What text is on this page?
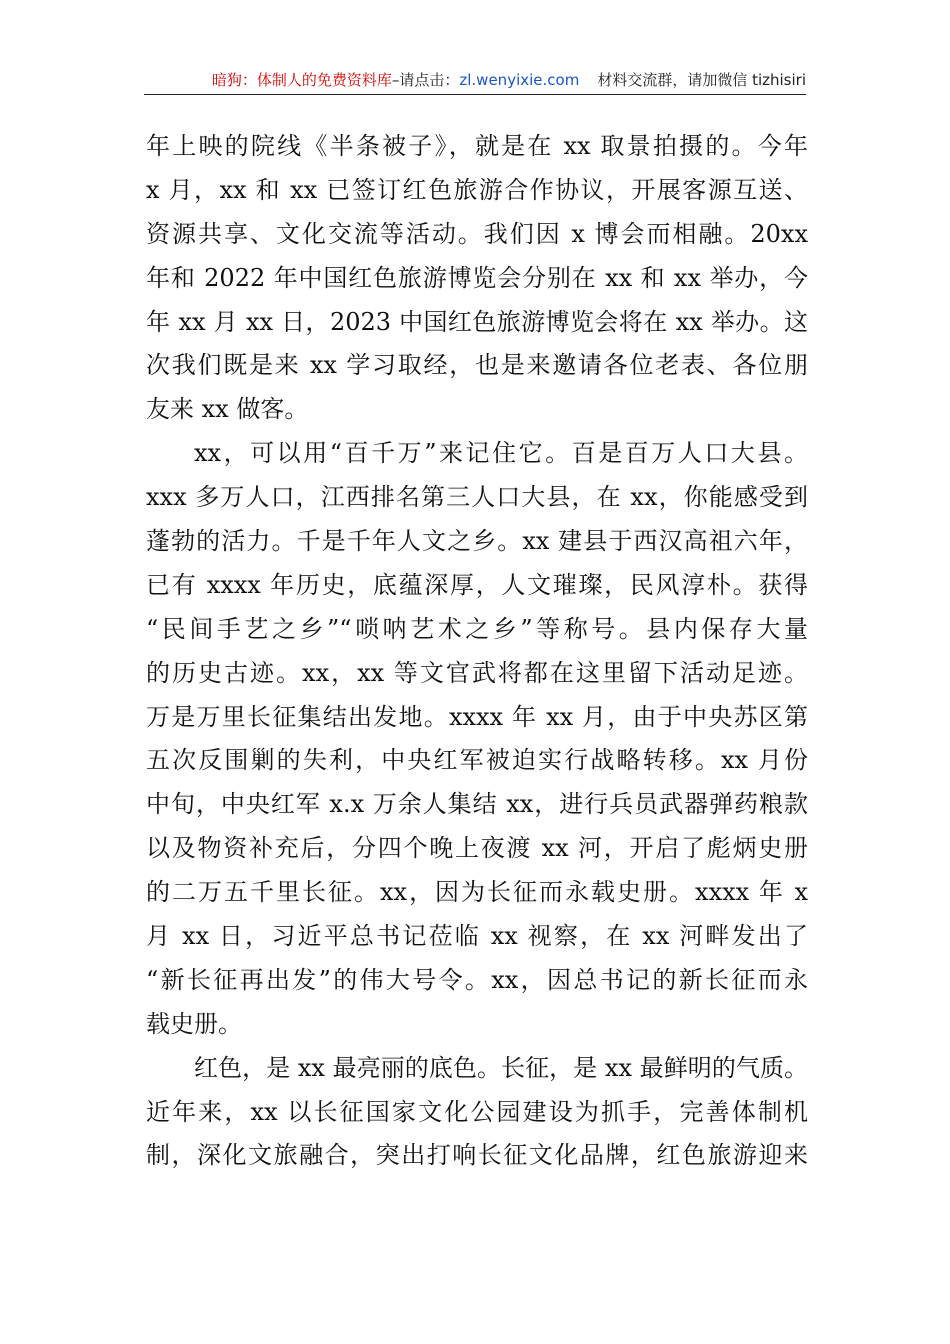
暗狗：体制人的免费资料库–请点击：zl.wenyixie.com 材料交流群，请加微信 tizhisiri
年上映的院线《半条被子》，就是在 xx 取景拍摄的。今年
x 月，xx 和 xx 已签订红色旅游合作协议，开展客源互送、
资源共享、文化交流等活动。我们因 x 博会而相融。20xx
年和 2022 年中国红色旅游博览会分别在 xx 和 xx 举办，今
年 xx 月 xx 日，2023 中国红色旅游博览会将在 xx 举办。这
次我们既是来 xx 学习取经，也是来邀请各位老表、各位朋
友来 xx 做客。
xx，可以用“百千万”来记住它。百是百万人口大县。
xxx 多万人口，江西排名第三人口大县，在 xx，你能感受到
蓬勃的活力。千是千年人文之乡。xx 建县于西汉高祖六年，
已有 xxxx 年历史，底蕴深厚，人文璀璨，民风淳朴。获得
“民间手艺之乡”“唢呐艺术之乡”等称号。县内保存大量
的历史古迹。xx，xx 等文官武将都在这里留下活动足迹。
万是万里长征集结出发地。xxxx 年 xx 月，由于中央苏区第
五次反围剿的失利，中央红军被迫实行战略转移。xx 月份
中旬，中央红军 x.x 万余人集结 xx，进行兵员武器弹药粮款
以及物资补充后，分四个晚上夜渡 xx 河，开启了彪炳史册
的二万五千里长征。xx，因为长征而永载史册。xxxx 年 x
月 xx 日，习近平总书记莅临 xx 视察，在 xx 河畔发出了
“新长征再出发”的伟大号令。xx，因总书记的新长征而永
载史册。
红色，是 xx 最亮丽的底色。长征，是 xx 最鲜明的气质。
近年来，xx 以长征国家文化公园建设为抓手，完善体制机
制，深化文旅融合，突出打响长征文化品牌，红色旅游迎来
